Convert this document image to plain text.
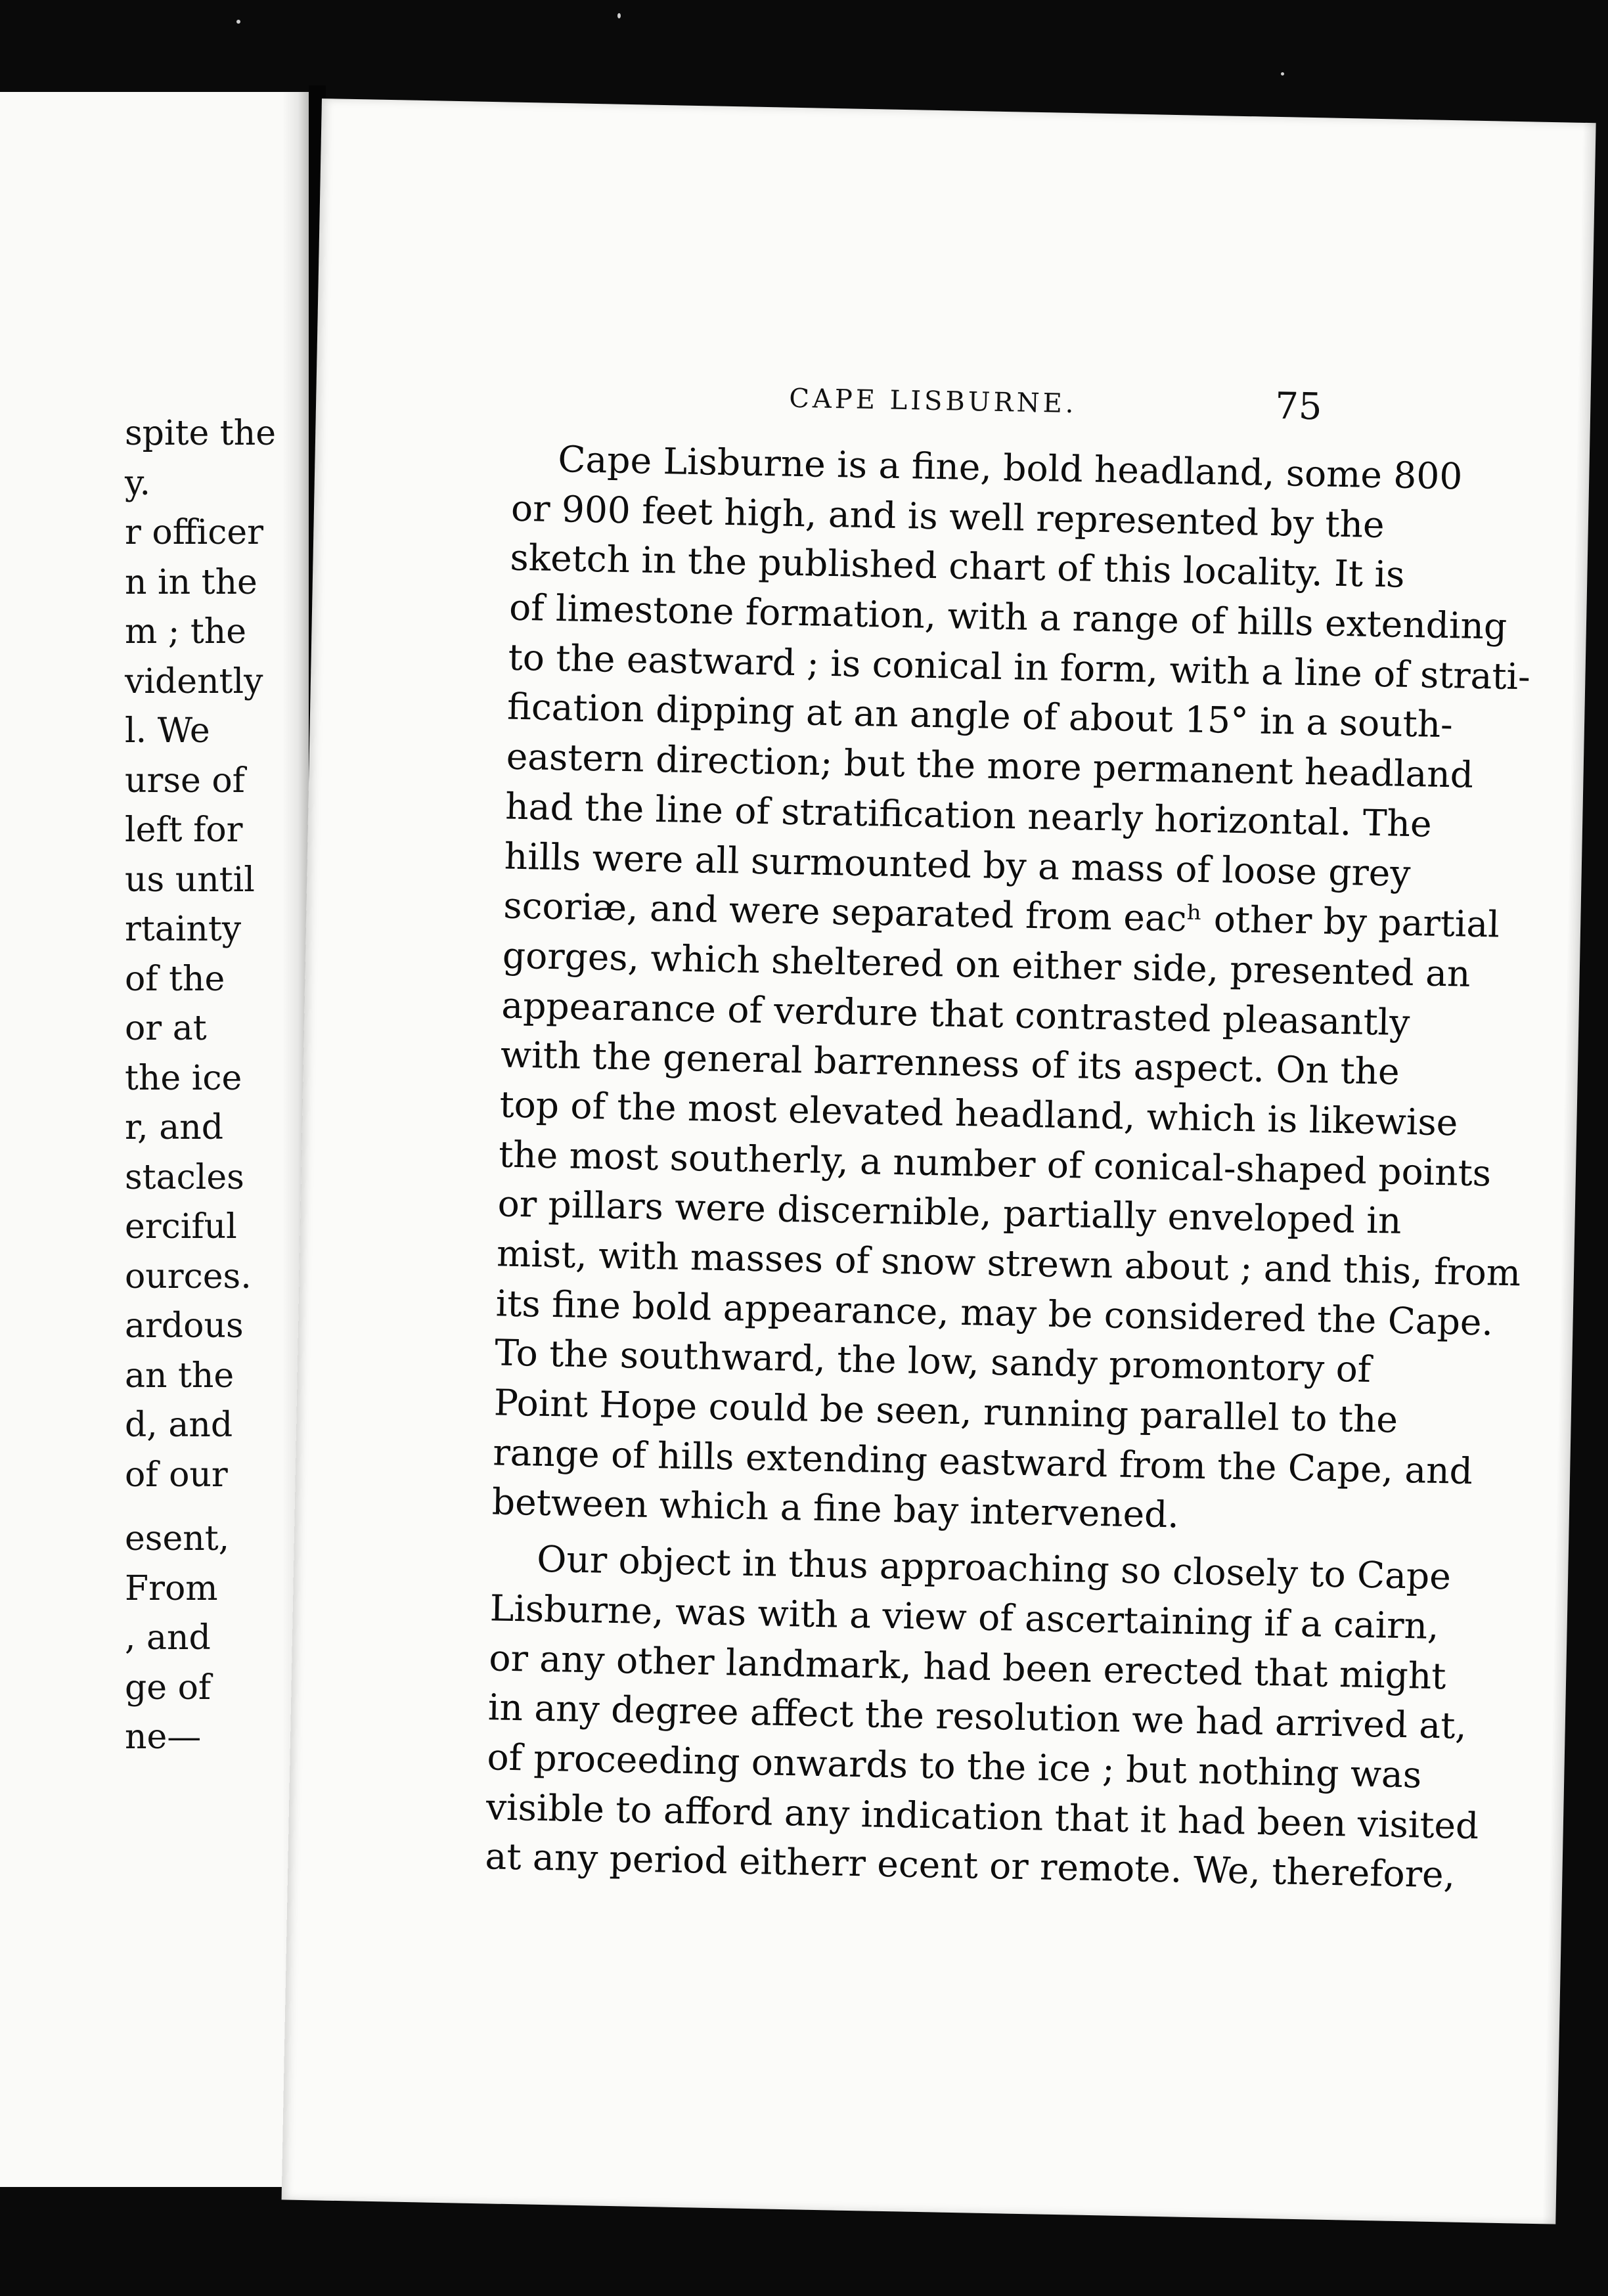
spite the
y.
r officer
n in the
m ; the
vidently
l. We
urse of
left for
us until
rtainty
of the
or at
the ice
r, and
stacles
erciful
ources.
ardous
an the
d, and
of our
esent,
From
, and
ge of
ne—
CAPE LISBURNE.	75
Cape Lisburne is a fine, bold headland, some 800
or 900 feet high, and is well represented by the
sketch in the published chart of this locality. It is
of limestone formation, with a range of hills extending
to the eastward ; is conical in form, with a line of strati-
fication dipping at an angle of about 15° in a south-
eastern direction; but the more permanent headland
had the line of stratification nearly horizontal. The
hills were all surmounted by a mass of loose grey
scoriæ, and were separated from eacʰ other by partial
gorges, which sheltered on either side, presented an
appearance of verdure that contrasted pleasantly
with the general barrenness of its aspect. On the
top of the most elevated headland, which is likewise
the most southerly, a number of conical-shaped points
or pillars were discernible, partially enveloped in
mist, with masses of snow strewn about ; and this, from
its fine bold appearance, may be considered the Cape.
To the southward, the low, sandy promontory of
Point Hope could be seen, running parallel to the
range of hills extending eastward from the Cape, and
between which a fine bay intervened.
Our object in thus approaching so closely to Cape
Lisburne, was with a view of ascertaining if a cairn,
or any other landmark, had been erected that might
in any degree affect the resolution we had arrived at,
of proceeding onwards to the ice ; but nothing was
visible to afford any indication that it had been visited
at any period eitherr ecent or remote. We, therefore,
